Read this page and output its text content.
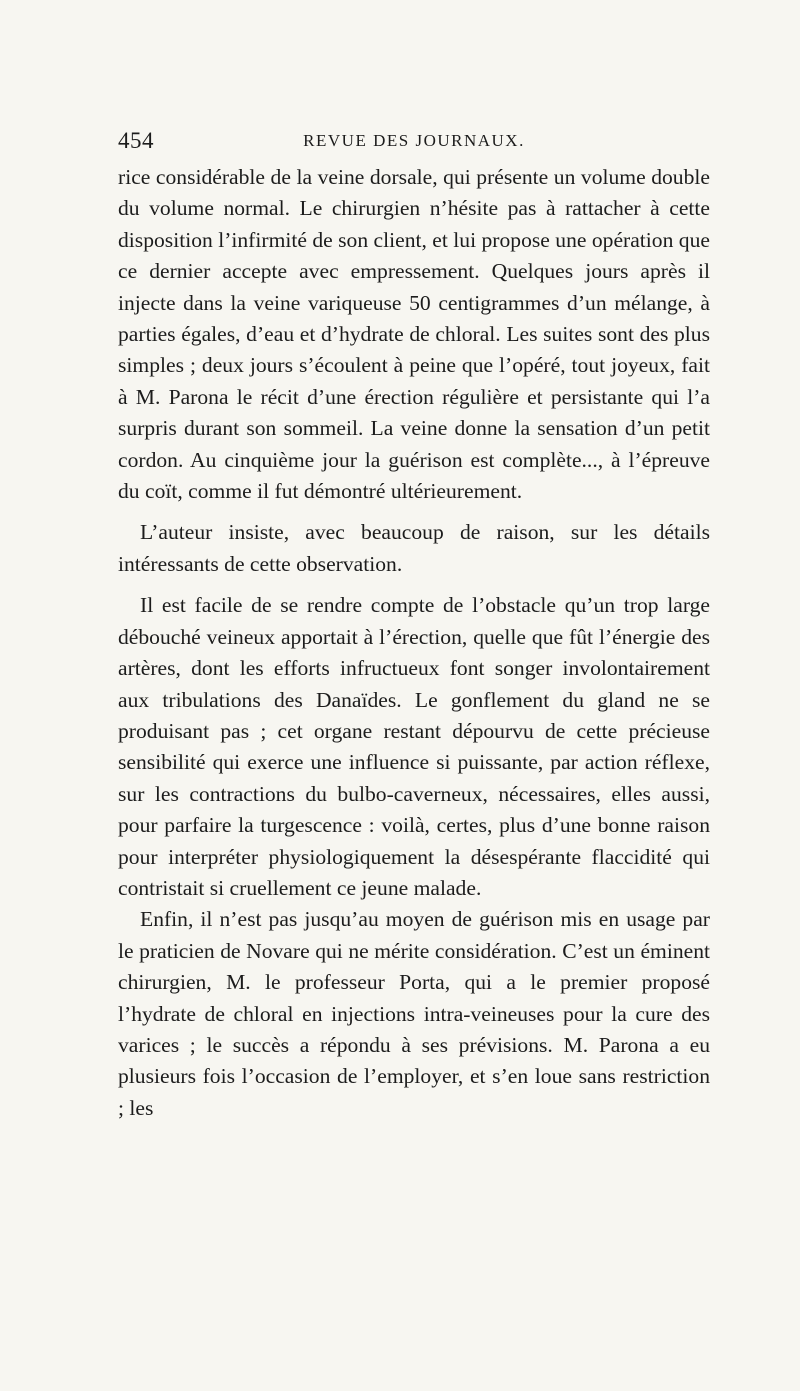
454	REVUE DES JOURNAUX.

rice considérable de la veine dorsale, qui présente un volume double du volume normal. Le chirurgien n’hésite pas à rattacher à cette disposition l’infirmité de son client, et lui propose une opération que ce dernier accepte avec empressement. Quelques jours après il injecte dans la veine variqueuse 50 centigrammes d’un mélange, à parties égales, d’eau et d’hydrate de chloral. Les suites sont des plus simples ; deux jours s’écoulent à peine que l’opéré, tout joyeux, fait à M. Parona le récit d’une érection régulière et persistante qui l’a surpris durant son sommeil. La veine donne la sensation d’un petit cordon. Au cinquième jour la guérison est complète..., à l’épreuve du coït, comme il fut démontré ultérieurement.

L’auteur insiste, avec beaucoup de raison, sur les détails intéressants de cette observation.

Il est facile de se rendre compte de l’obstacle qu’un trop large débouché veineux apportait à l’érection, quelle que fût l’énergie des artères, dont les efforts infructueux font songer involontairement aux tribulations des Danaïdes. Le gonflement du gland ne se produisant pas ; cet organe restant dépourvu de cette précieuse sensibilité qui exerce une influence si puissante, par action réflexe, sur les contractions du bulbo-caverneux, nécessaires, elles aussi, pour parfaire la turgescence : voilà, certes, plus d’une bonne raison pour interpréter physiologiquement la désespérante flaccidité qui contristait si cruellement ce jeune malade.

Enfin, il n’est pas jusqu’au moyen de guérison mis en usage par le praticien de Novare qui ne mérite considération. C’est un éminent chirurgien, M. le professeur Porta, qui a le premier proposé l’hydrate de chloral en injections intra-veineuses pour la cure des varices ; le succès a répondu à ses prévisions. M. Parona a eu plusieurs fois l’occasion de l’employer, et s’en loue sans restriction ; les
